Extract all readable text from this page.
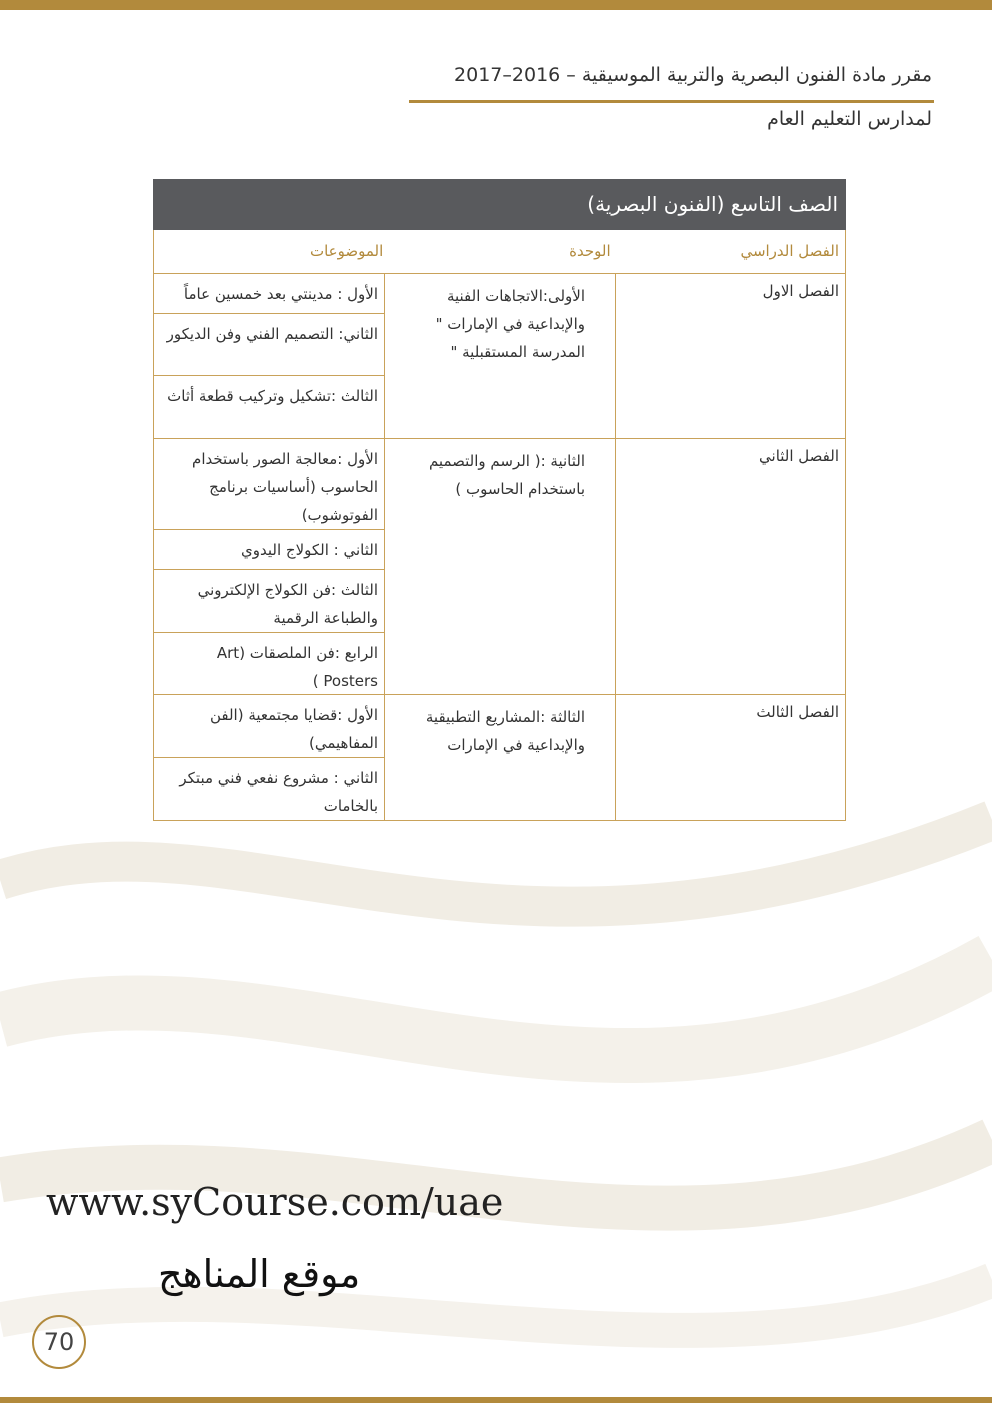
مقرر مادة الفنون البصرية والتربية الموسيقية – 2016–2017
لمدارس التعليم العام
الصف التاسع (الفنون البصرية)
الفصل الدراسي
الوحدة
الموضوعات
الفصل الاول
الأولى:الاتجاهات الفنية والإبداعية في الإمارات " المدرسة المستقبلية "
الأول : مدينتي بعد خمسين عاماً
الثاني: التصميم الفني وفن الديكور
الثالث :تشكيل وتركيب قطعة أثاث
الفصل الثاني
الثانية :( الرسم والتصميم باستخدام الحاسوب )
الأول :معالجة الصور باستخدام الحاسوب (أساسيات برنامج الفوتوشوب)
الثاني : الكولاج اليدوي
الثالث :فن الكولاج الإلكتروني والطباعة الرقمية
الرابع :فن الملصقات (Art Posters )
الفصل الثالث
الثالثة :المشاريع التطبيقية والإبداعية في الإمارات
الأول :قضايا مجتمعية (الفن المفاهيمي)
الثاني : مشروع نفعي فني مبتكر بالخامات
www.syCourse.com/uae
موقع المناهج
70
